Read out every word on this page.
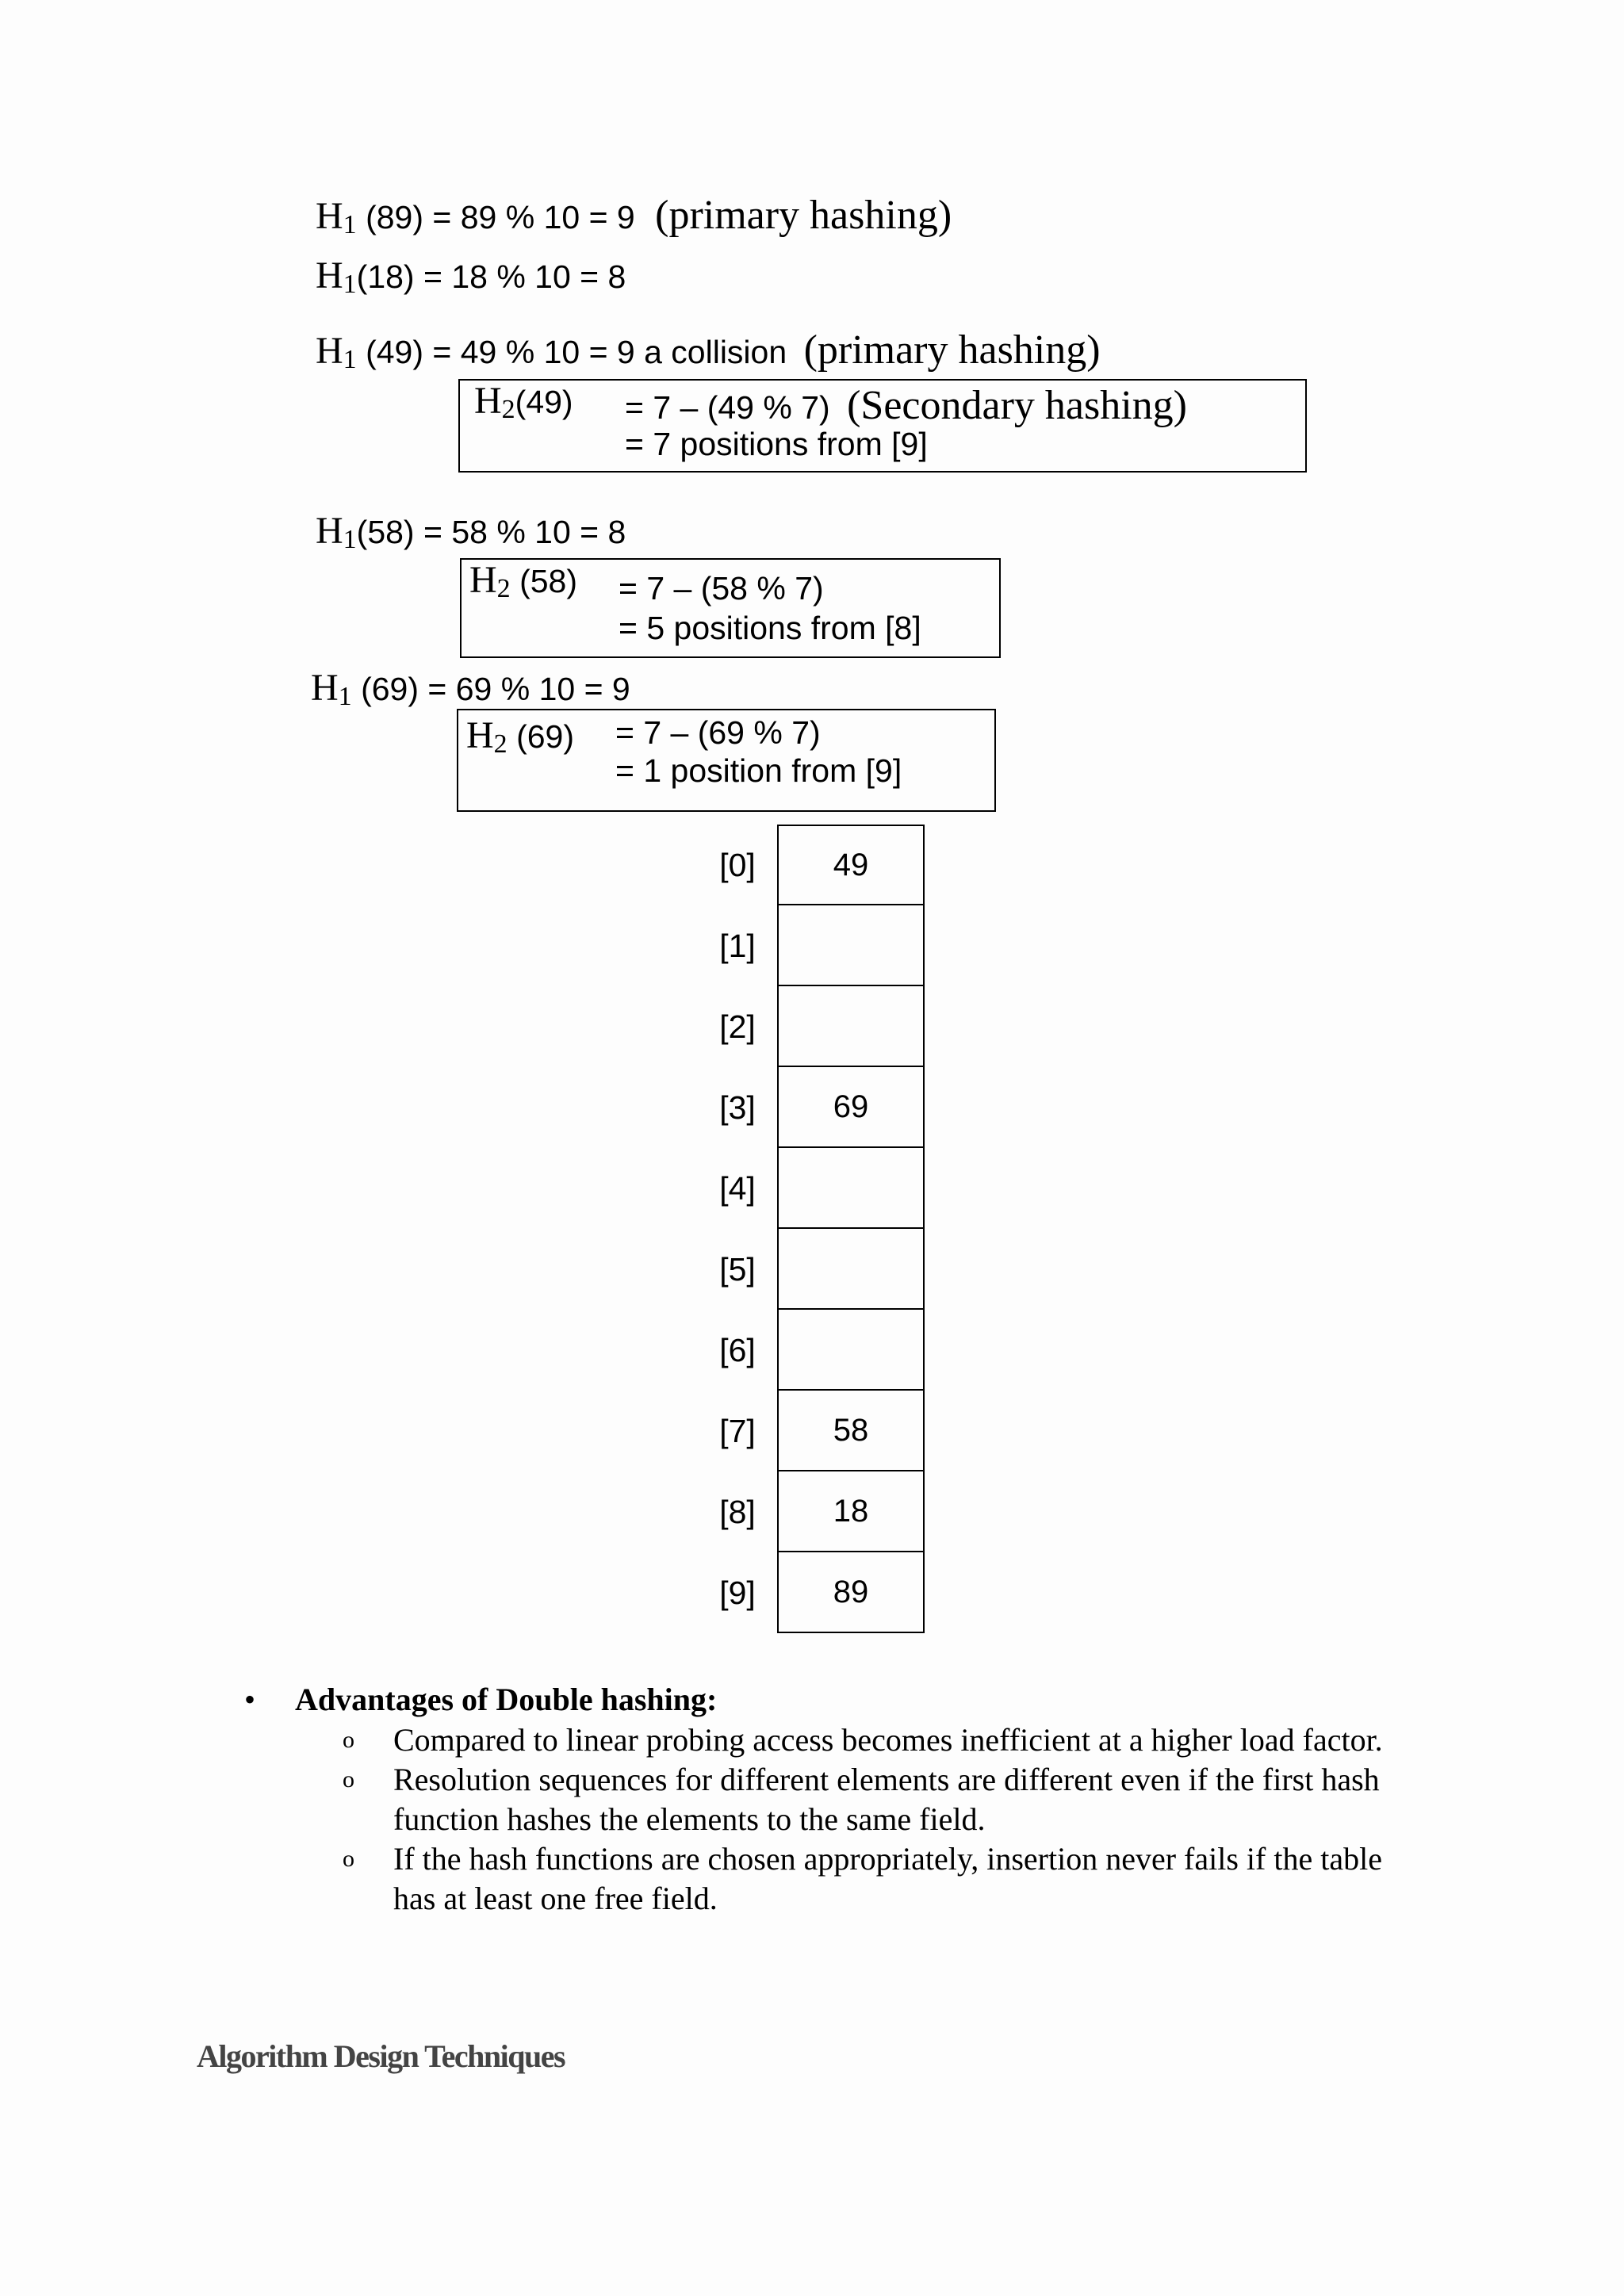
$H_1$ (89) = 89 % 10 = 9 (primary hashing)
$H_1(18) = 18$ % 10 = 8
$H_1$ (49) = 49 % 10 = 9 a collision (primary hashing)
$H_2(49) = 7 - (49$ % 7) (Secondary hashing)
= 7 positions from [9]
$H_1(58) = 58$ % 10 = 8
$H_2$ (58) = 7 – (58 % 7)
= 5 positions from [8]
$H_1$ (69) = 69 % 10 = 9
$H_2$ (69) = 7 – (69 % 7)
= 1 position from [9]
[0]	49
[1]
[2]
[3]	69
[4]
[5]
[6]
[7]	58
[8]	18
[9]	89
• Advantages of Double hashing:
o Compared to linear probing access becomes inefficient at a higher load factor.
o Resolution sequences for different elements are different even if the first hash function hashes the elements to the same field.
o If the hash functions are chosen appropriately, insertion never fails if the table has at least one free field.
Algorithm Design Techniques
